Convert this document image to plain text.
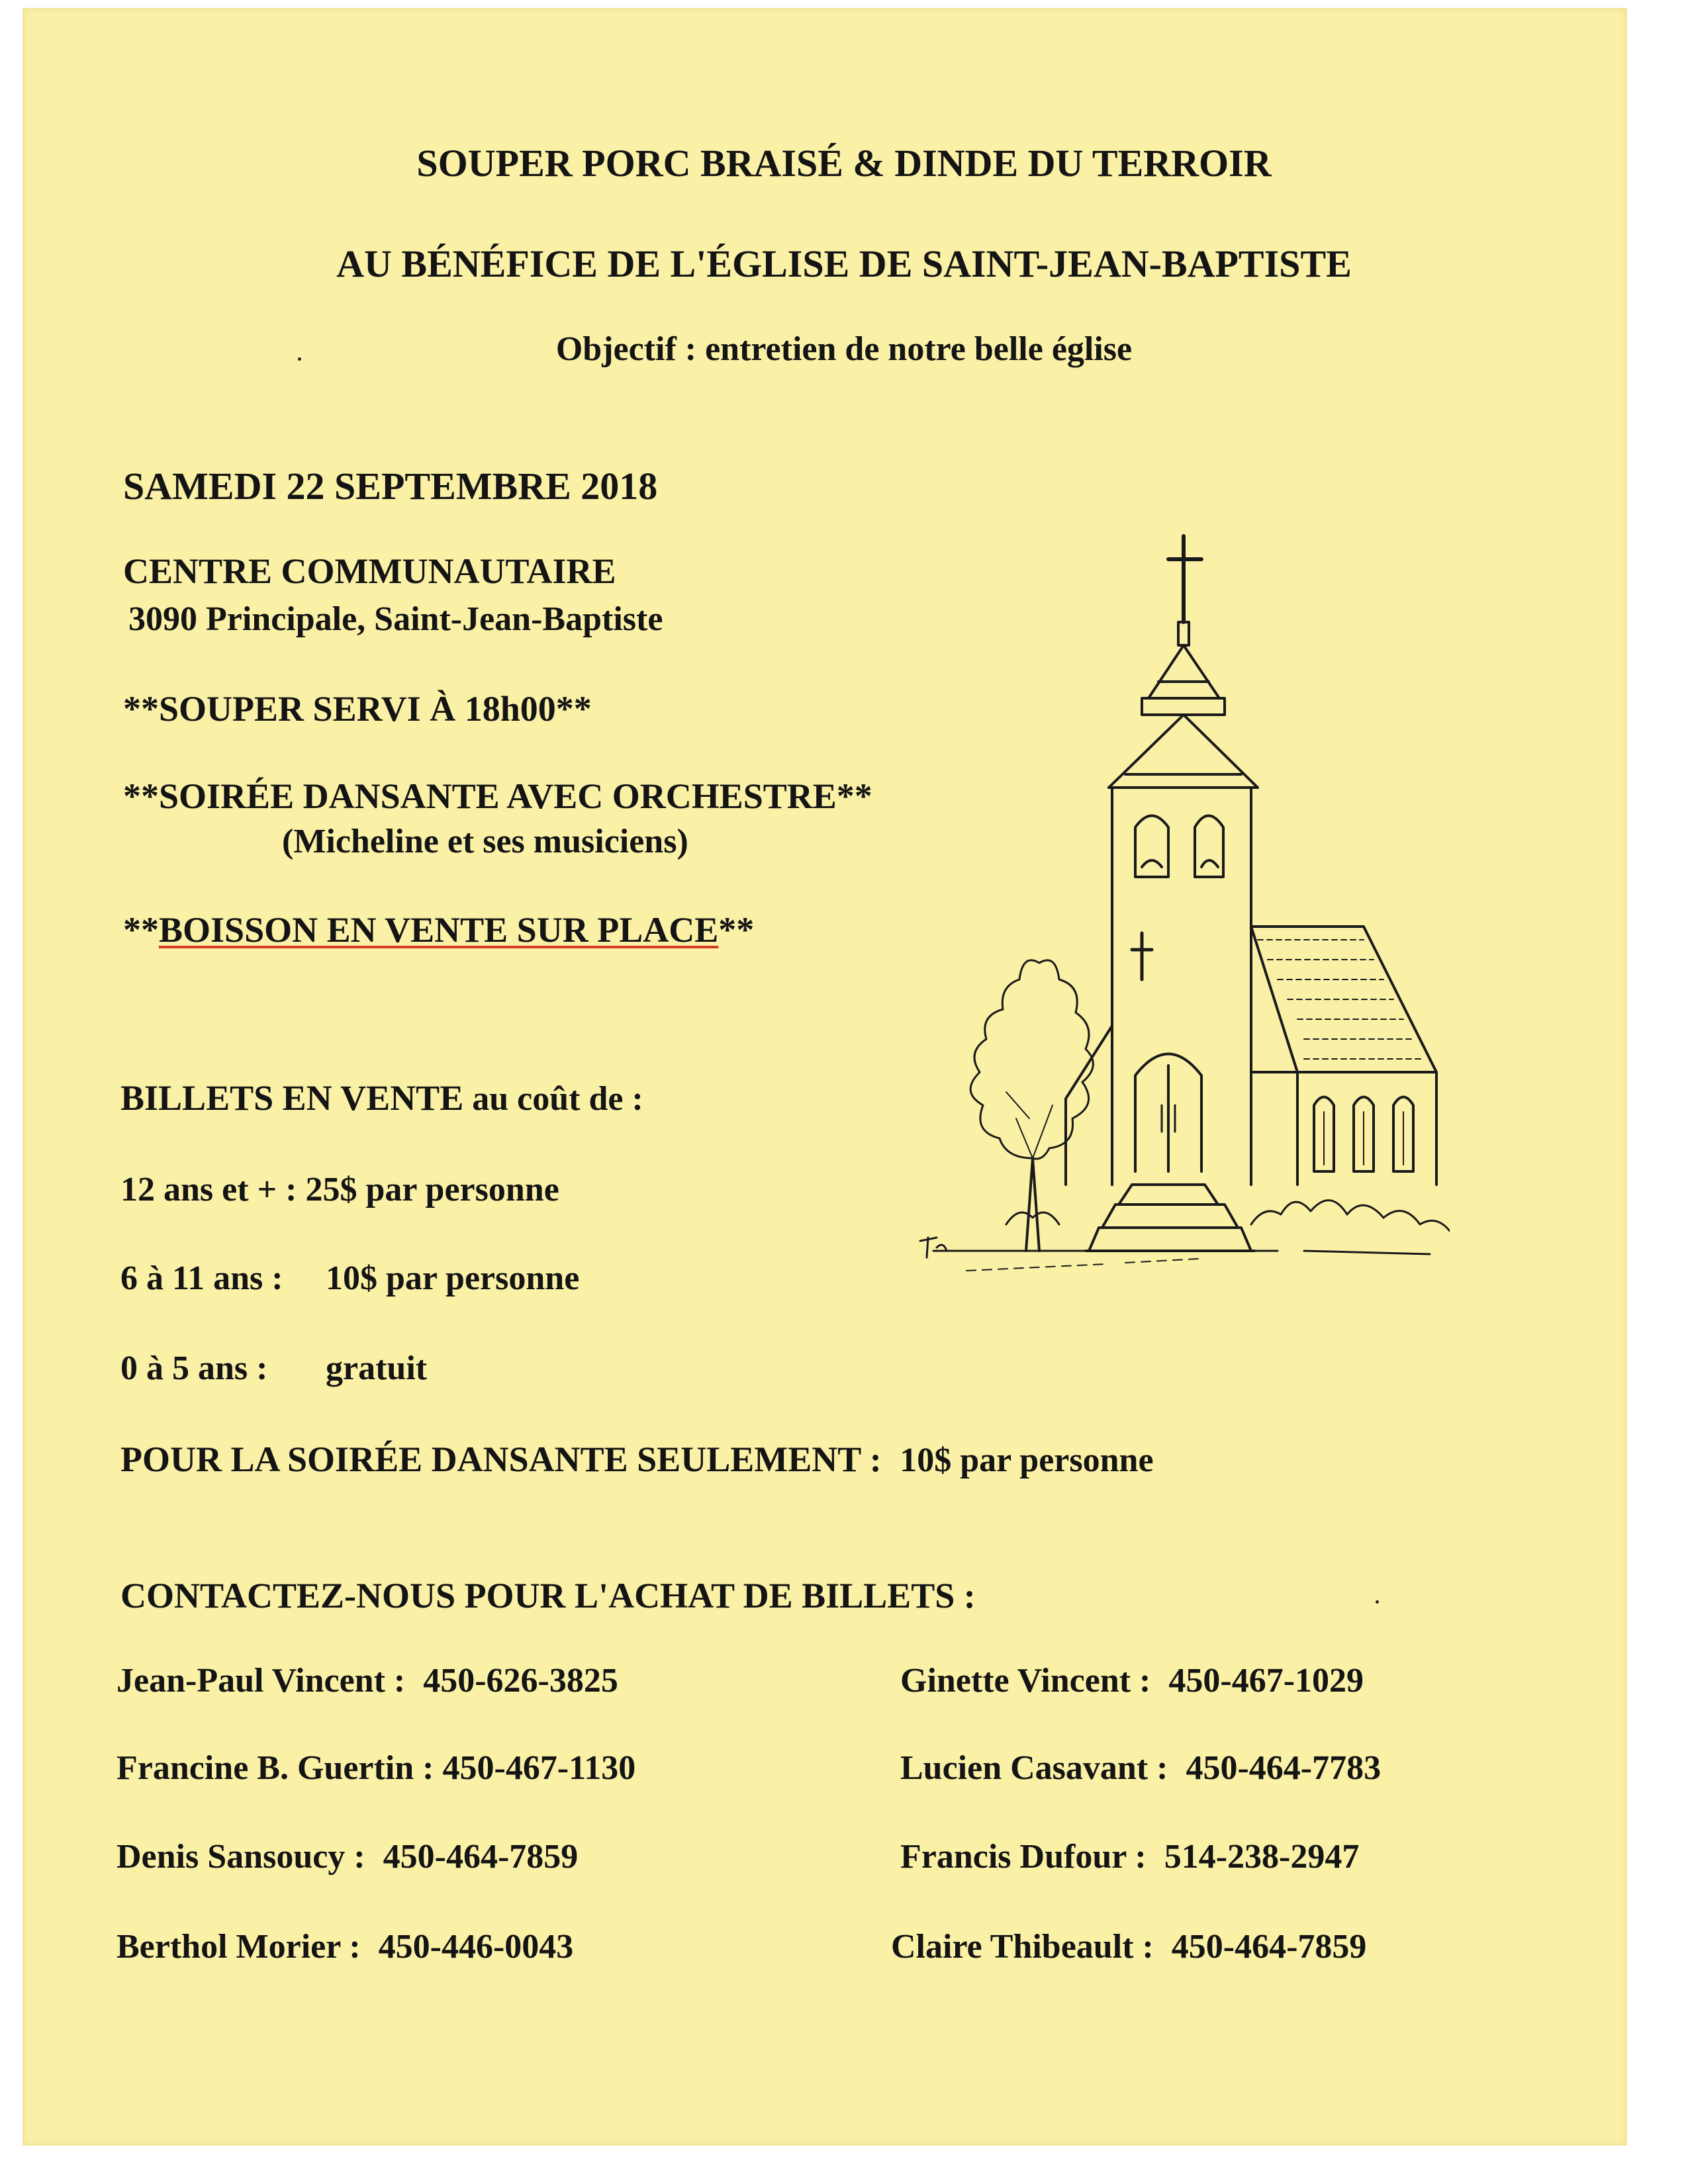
SOUPER PORC BRAISÉ & DINDE DU TERROIR
AU BÉNÉFICE DE L'ÉGLISE DE SAINT-JEAN-BAPTISTE
Objectif : entretien de notre belle église
SAMEDI 22 SEPTEMBRE 2018
CENTRE COMMUNAUTAIRE
3090 Principale, Saint-Jean-Baptiste
**SOUPER SERVI À 18h00**
**SOIRÉE DANSANTE AVEC ORCHESTRE**
(Micheline et ses musiciens)
**BOISSON EN VENTE SUR PLACE**
BILLETS EN VENTE au coût de :
12 ans et + : 25$ par personne
6 à 11 ans : 10$ par personne
0 à 5 ans : gratuit
POUR LA SOIRÉE DANSANTE SEULEMENT : 10$ par personne
CONTACTEZ-NOUS POUR L'ACHAT DE BILLETS :
Jean-Paul Vincent : 450-626-3825
Francine B. Guertin : 450-467-1130
Denis Sansoucy : 450-464-7859
Berthol Morier : 450-446-0043
Ginette Vincent : 450-467-1029
Lucien Casavant : 450-464-7783
Francis Dufour : 514-238-2947
Claire Thibeault : 450-464-7859
